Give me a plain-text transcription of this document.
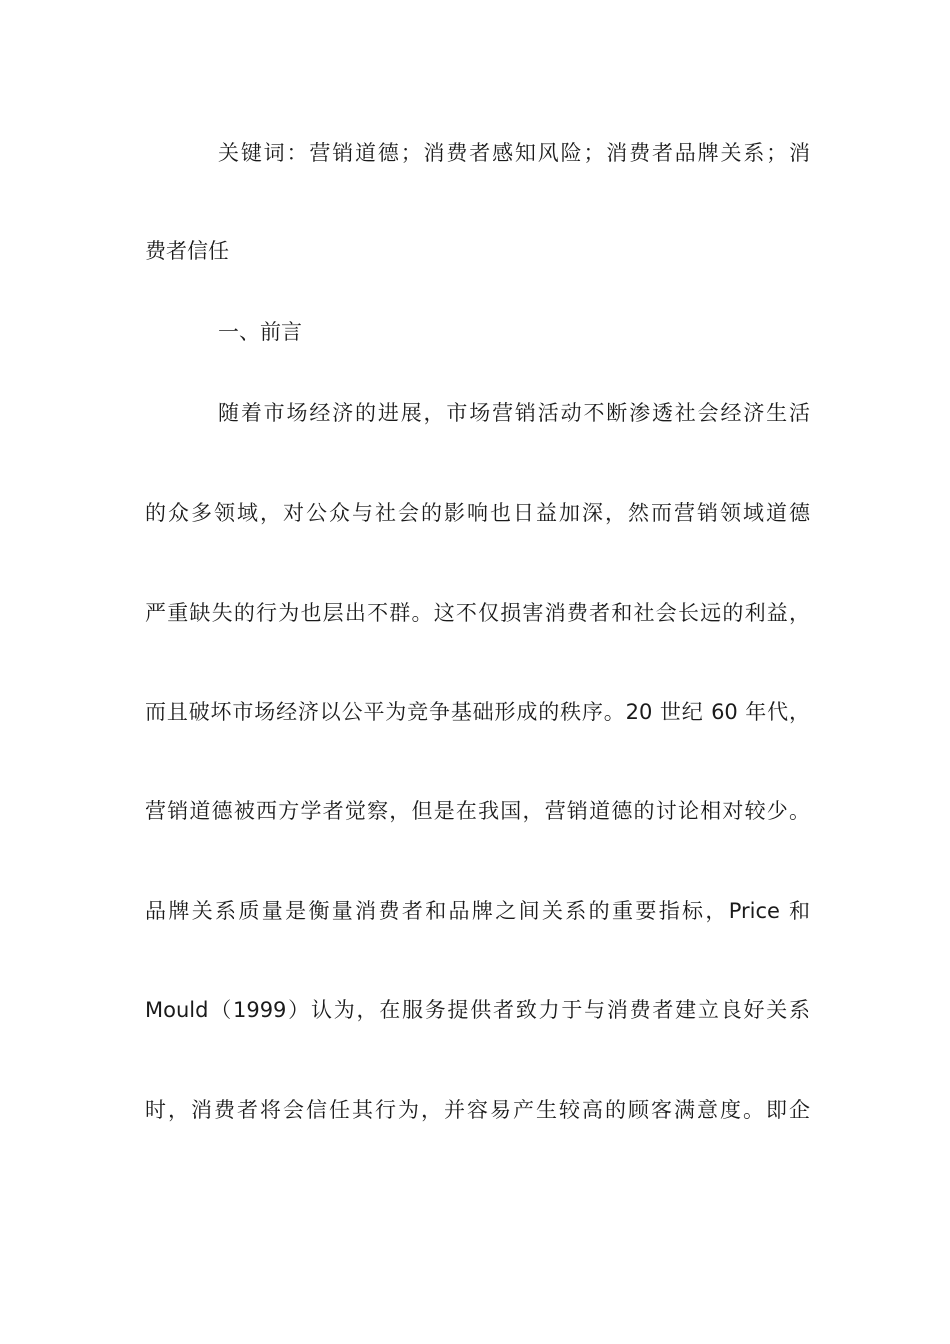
关键词：营销道德；消费者感知风险；消费者品牌关系；消
费者信任
一、前言
随着市场经济的进展，市场营销活动不断渗透社会经济生活
的众多领域，对公众与社会的影响也日益加深，然而营销领域道德
严重缺失的行为也层出不群。这不仅损害消费者和社会长远的利益，
而且破坏市场经济以公平为竞争基础形成的秩序。20 世纪 60 年代，
营销道德被西方学者觉察，但是在我国，营销道德的讨论相对较少。
品牌关系质量是衡量消费者和品牌之间关系的重要指标，Price 和
Mould（1999）认为，在服务提供者致力于与消费者建立良好关系
时，消费者将会信任其行为，并容易产生较高的顾客满意度。即企
